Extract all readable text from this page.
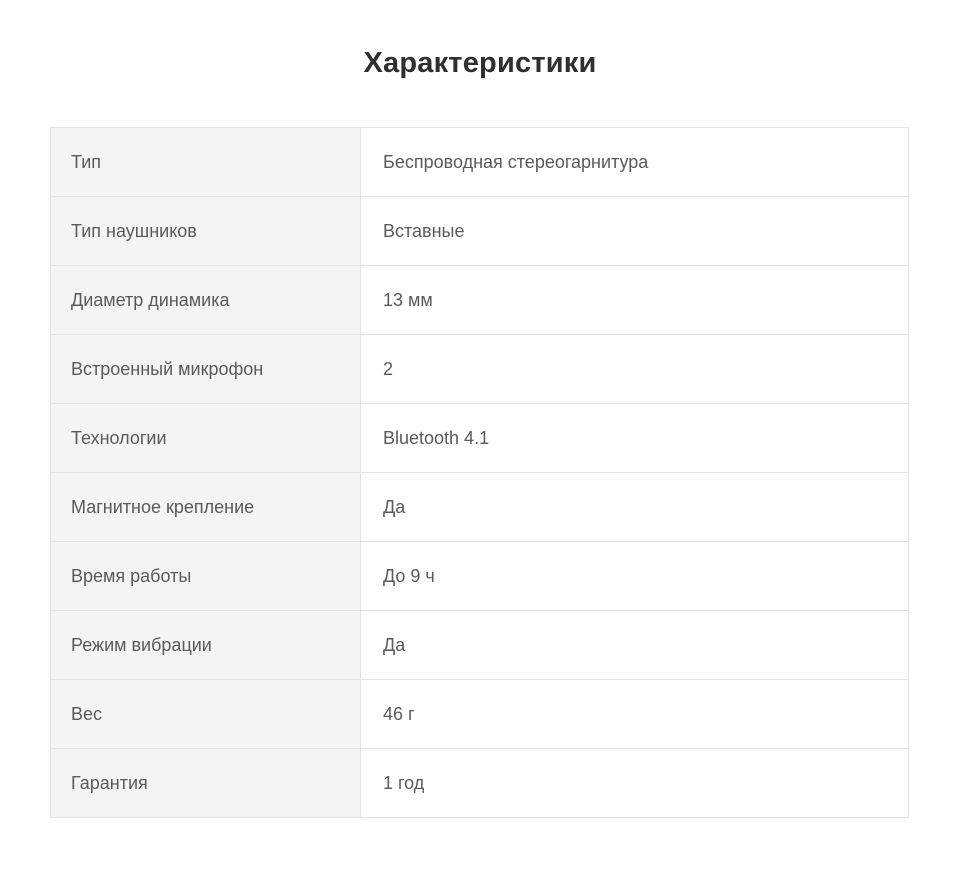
Характеристики
Тип	Беспроводная стереогарнитура
Тип наушников	Вставные
Диаметр динамика	13 мм
Встроенный микрофон	2
Технологии	Bluetooth 4.1
Магнитное крепление	Да
Время работы	До 9 ч
Режим вибрации	Да
Вес	46 г
Гарантия	1 год
